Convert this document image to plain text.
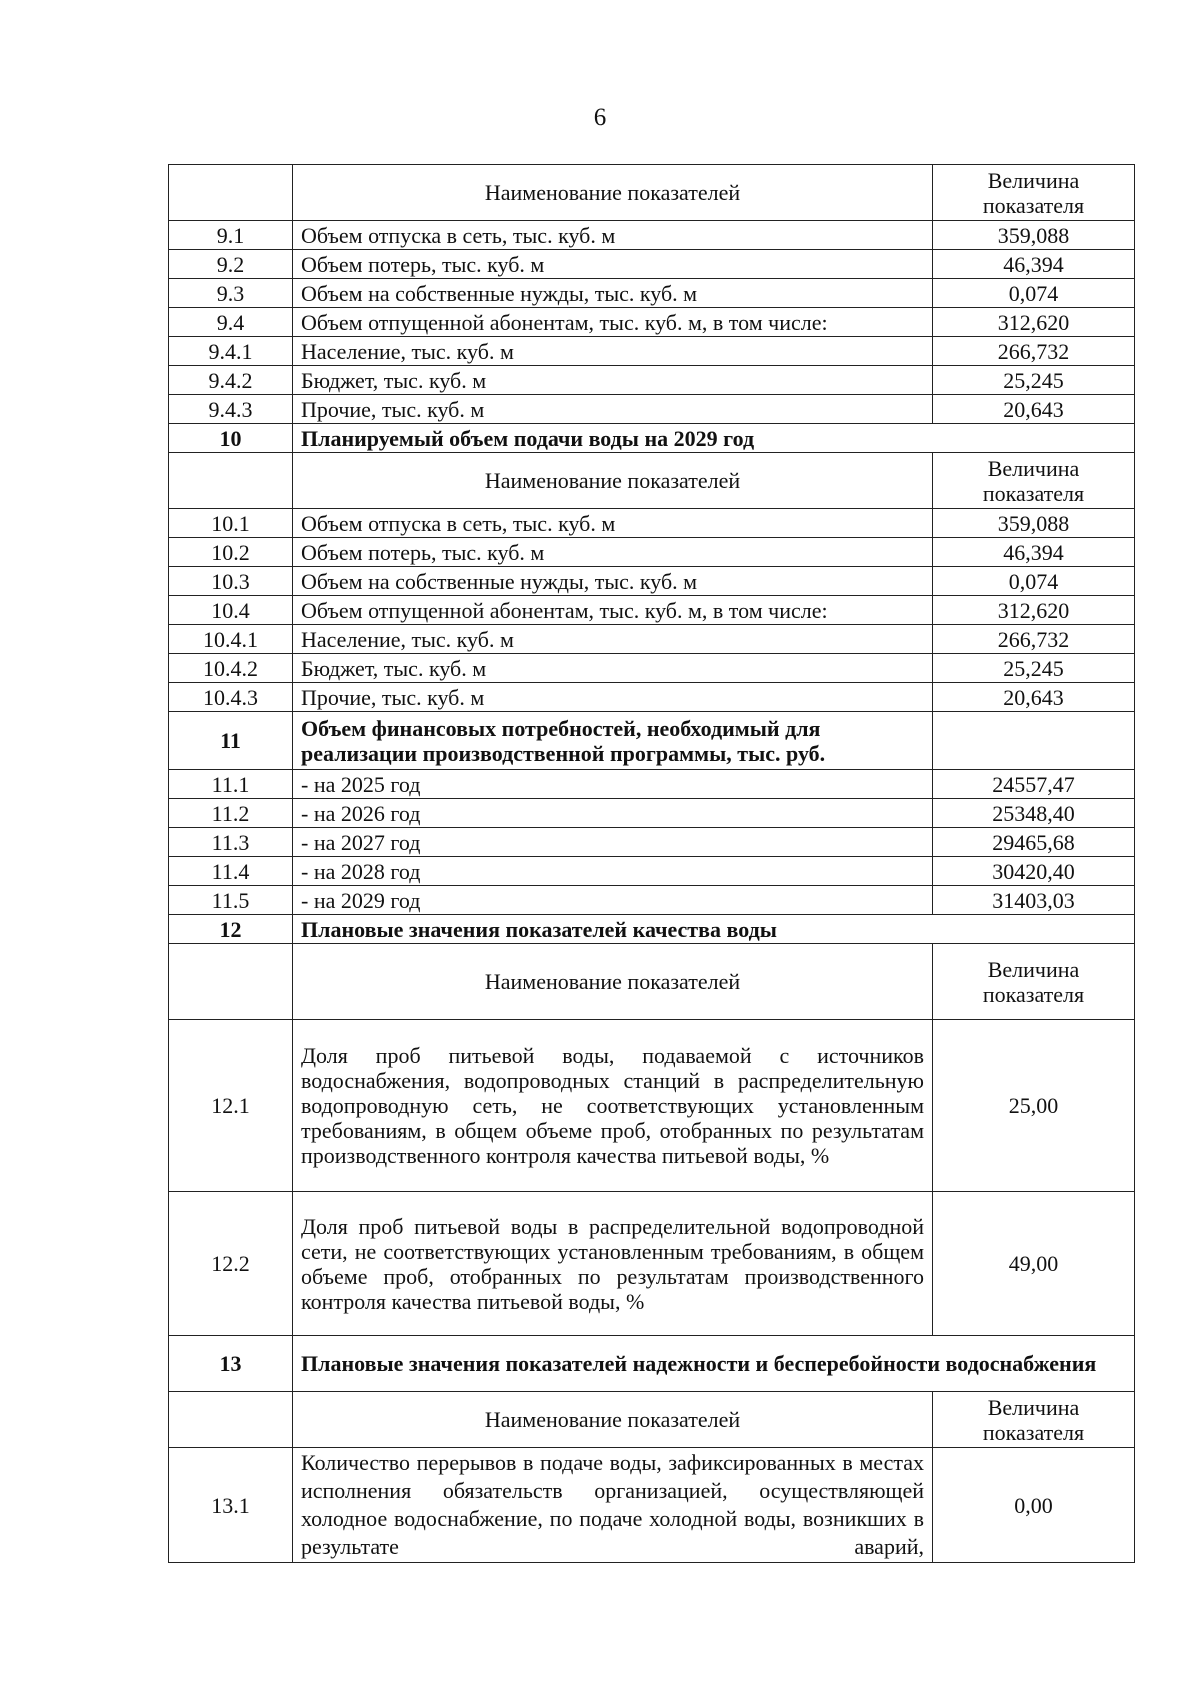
6
	Наименование показателей	Величина показателя
9.1	Объем отпуска в сеть, тыс. куб. м	359,088
9.2	Объем потерь, тыс. куб. м	46,394
9.3	Объем на собственные нужды, тыс. куб. м	0,074
9.4	Объем отпущенной абонентам, тыс. куб. м, в том числе:	312,620
9.4.1	Население, тыс. куб. м	266,732
9.4.2	Бюджет, тыс. куб. м	25,245
9.4.3	Прочие, тыс. куб. м	20,643
10	Планируемый объем подачи воды на 2029 год	
	Наименование показателей	Величина показателя
10.1	Объем отпуска в сеть, тыс. куб. м	359,088
10.2	Объем потерь, тыс. куб. м	46,394
10.3	Объем на собственные нужды, тыс. куб. м	0,074
10.4	Объем отпущенной абонентам, тыс. куб. м, в том числе:	312,620
10.4.1	Население, тыс. куб. м	266,732
10.4.2	Бюджет, тыс. куб. м	25,245
10.4.3	Прочие, тыс. куб. м	20,643
11	Объем финансовых потребностей, необходимый для реализации производственной программы, тыс. руб.	
11.1	- на 2025 год	24557,47
11.2	- на 2026 год	25348,40
11.3	- на 2027 год	29465,68
11.4	- на 2028 год	30420,40
11.5	- на 2029 год	31403,03
12	Плановые значения показателей качества воды	
	Наименование показателей	Величина показателя
12.1	Доля проб питьевой воды, подаваемой с источников водоснабжения, водопроводных станций в распределительную водопроводную сеть, не соответствующих установленным требованиям, в общем объеме проб, отобранных по результатам производственного контроля качества питьевой воды, %	25,00
12.2	Доля проб питьевой воды в распределительной водопроводной сети, не соответствующих установленным требованиям, в общем объеме проб, отобранных по результатам производственного контроля качества питьевой воды, %	49,00
13	Плановые значения показателей надежности и бесперебойности водоснабжения	
	Наименование показателей	Величина показателя
13.1	Количество перерывов в подаче воды, зафиксированных в местах исполнения обязательств организацией, осуществляющей холодное водоснабжение, по подаче холодной воды, возникших в результате аварий,	0,00
